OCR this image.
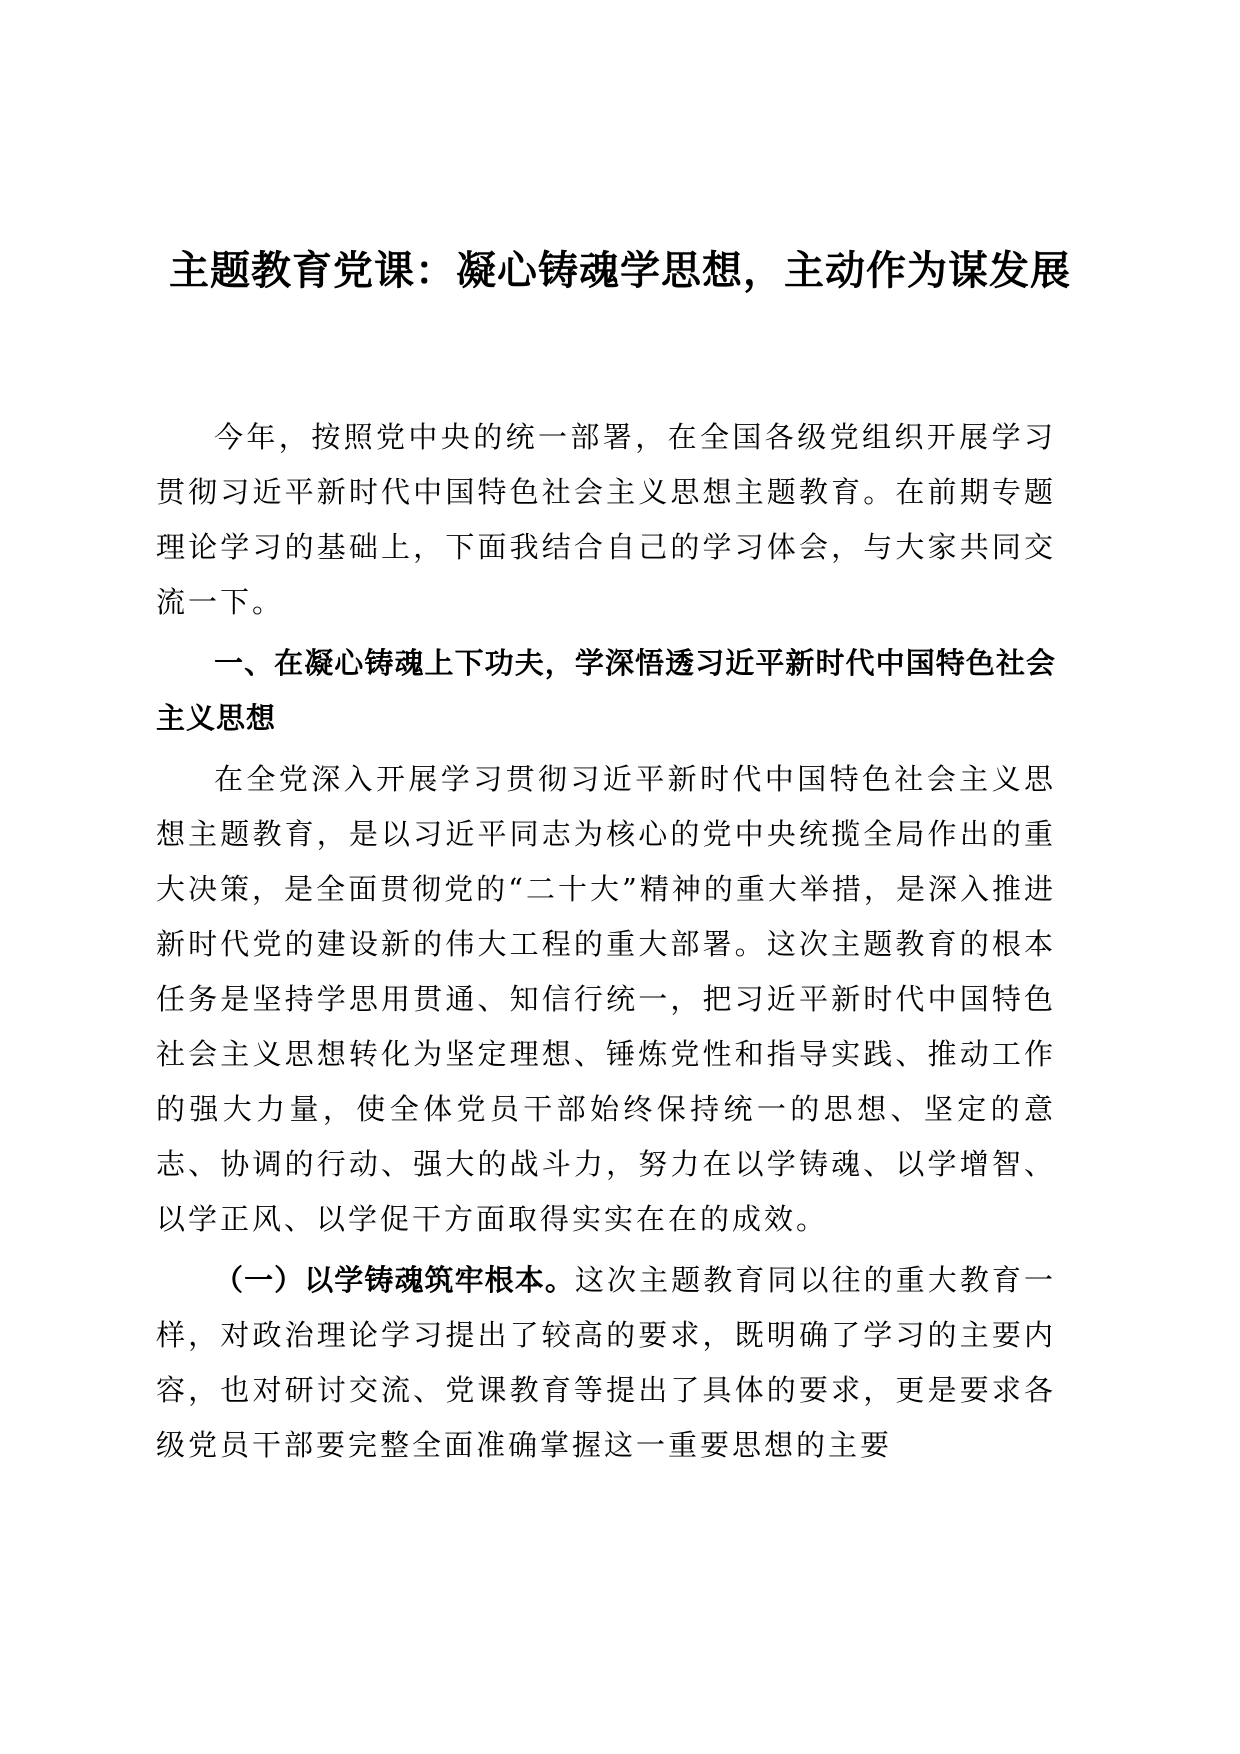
主题教育党课：凝心铸魂学思想，主动作为谋发展

今年，按照党中央的统一部署，在全国各级党组织开展学习贯彻习近平新时代中国特色社会主义思想主题教育。在前期专题理论学习的基础上，下面我结合自己的学习体会，与大家共同交流一下。

一、在凝心铸魂上下功夫，学深悟透习近平新时代中国特色社会主义思想

在全党深入开展学习贯彻习近平新时代中国特色社会主义思想主题教育，是以习近平同志为核心的党中央统揽全局作出的重大决策，是全面贯彻党的“二十大”精神的重大举措，是深入推进新时代党的建设新的伟大工程的重大部署。这次主题教育的根本任务是坚持学思用贯通、知信行统一，把习近平新时代中国特色社会主义思想转化为坚定理想、锤炼党性和指导实践、推动工作的强大力量，使全体党员干部始终保持统一的思想、坚定的意志、协调的行动、强大的战斗力，努力在以学铸魂、以学增智、以学正风、以学促干方面取得实实在在的成效。

（一）以学铸魂筑牢根本。这次主题教育同以往的重大教育一样，对政治理论学习提出了较高的要求，既明确了学习的主要内容，也对研讨交流、党课教育等提出了具体的要求，更是要求各级党员干部要完整全面准确掌握这一重要思想的主要
